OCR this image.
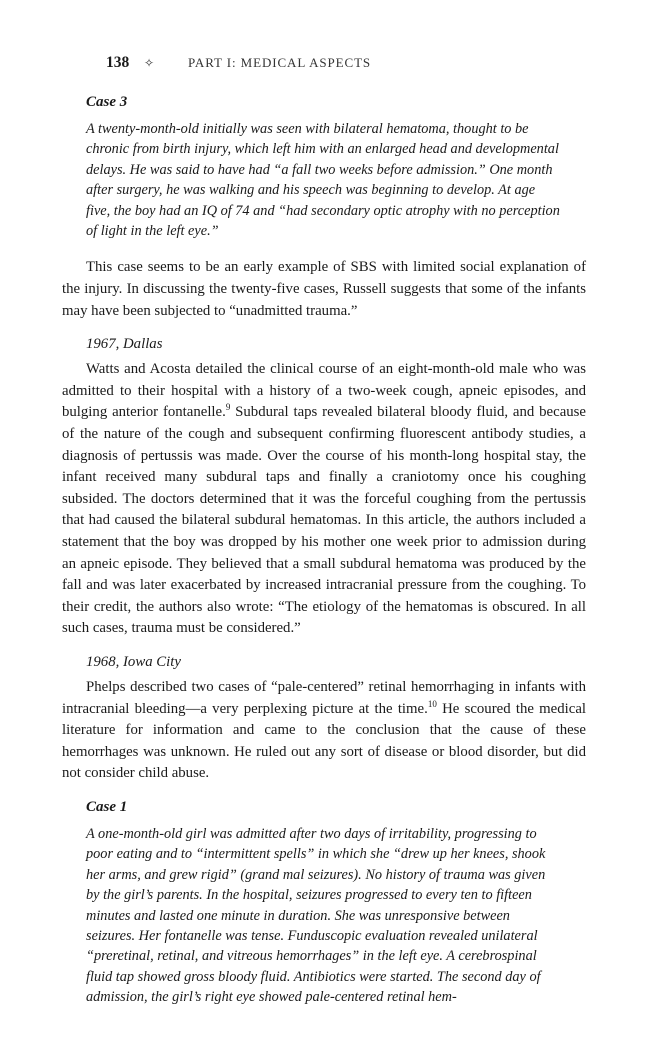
138	✧	PART I: MEDICAL ASPECTS
Case 3
A twenty-month-old initially was seen with bilateral hematoma, thought to be chronic from birth injury, which left him with an enlarged head and developmental delays. He was said to have had “a fall two weeks before admission.” One month after surgery, he was walking and his speech was beginning to develop. At age five, the boy had an IQ of 74 and “had secondary optic atrophy with no perception of light in the left eye.”

This case seems to be an early example of SBS with limited social explanation of the injury. In discussing the twenty-five cases, Russell suggests that some of the infants may have been subjected to “unadmitted trauma.”

1967, Dallas

Watts and Acosta detailed the clinical course of an eight-month-old male who was admitted to their hospital with a history of a two-week cough, apneic episodes, and bulging anterior fontanelle.$^9$ Subdural taps revealed bilateral bloody fluid, and because of the nature of the cough and subsequent confirming fluorescent antibody studies, a diagnosis of pertussis was made. Over the course of his month-long hospital stay, the infant received many subdural taps and finally a craniotomy once his coughing subsided. The doctors determined that it was the forceful coughing from the pertussis that had caused the bilateral subdural hematomas. In this article, the authors included a statement that the boy was dropped by his mother one week prior to admission during an apneic episode. They believed that a small subdural hematoma was produced by the fall and was later exacerbated by increased intracranial pressure from the coughing. To their credit, the authors also wrote: “The etiology of the hematomas is obscured. In all such cases, trauma must be considered.”

1968, Iowa City

Phelps described two cases of “pale-centered” retinal hemorrhaging in infants with intracranial bleeding—a very perplexing picture at the time.$^{10}$ He scoured the medical literature for information and came to the conclusion that the cause of these hemorrhages was unknown. He ruled out any sort of disease or blood disorder, but did not consider child abuse.

Case 1
A one-month-old girl was admitted after two days of irritability, progressing to poor eating and to “intermittent spells” in which she “drew up her knees, shook her arms, and grew rigid” (grand mal seizures). No history of trauma was given by the girl’s parents. In the hospital, seizures progressed to every ten to fifteen minutes and lasted one minute in duration. She was unresponsive between seizures. Her fontanelle was tense. Funduscopic evaluation revealed unilateral “preretinal, retinal, and vitreous hemorrhages” in the left eye. A cerebrospinal fluid tap showed gross bloody fluid. Antibiotics were started. The second day of admission, the girl’s right eye showed pale-centered retinal hem-
